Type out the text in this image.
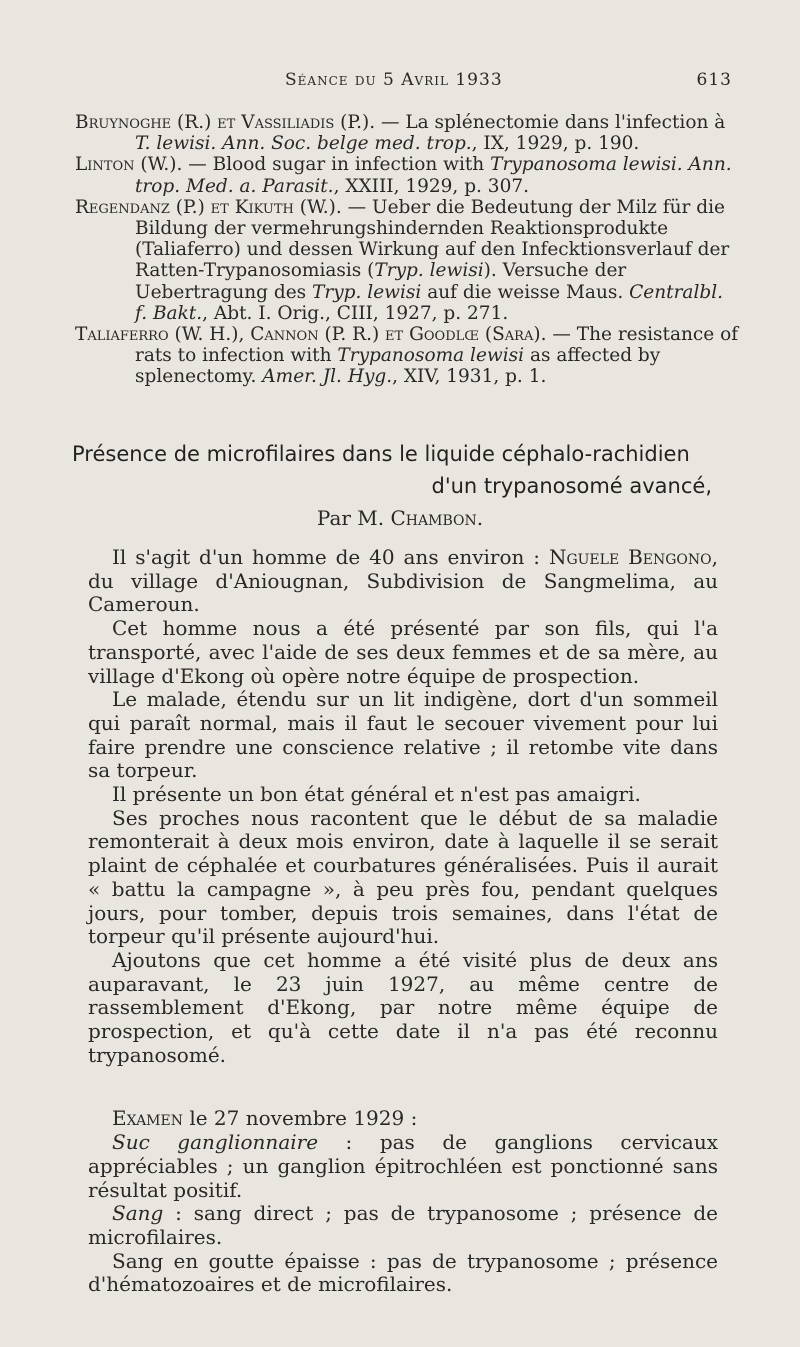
Séance du 5 Avril 1933	613

Bruynoghe (R.) et Vassiliadis (P.). — La splénectomie dans l'infection à T. lewisi. Ann. Soc. belge med. trop., IX, 1929, p. 190.

Linton (W.). — Blood sugar in infection with Trypanosoma lewisi. Ann. trop. Med. a. Parasit., XXIII, 1929, p. 307.

Regendanz (P.) et Kikuth (W.). — Ueber die Bedeutung der Milz für die Bildung der vermehrungshindernden Reaktionsprodukte (Taliaferro) und dessen Wirkung auf den Infecktionsverlauf der Ratten-Trypanosomiasis (Tryp. lewisi). Versuche der Uebertragung des Tryp. lewisi auf die weisse Maus. Centralbl. f. Bakt., Abt. I. Orig., CIII, 1927, p. 271.

Taliaferro (W. H.), Cannon (P. R.) et Goodlœ (Sara). — The resistance of rats to infection with Trypanosoma lewisi as affected by splenectomy. Amer. Jl. Hyg., XIV, 1931, p. 1.

Présence de microfilaires dans le liquide céphalo-rachidien
d'un trypanosomé avancé,
Par M. Chambon.

Il s'agit d'un homme de 40 ans environ : Nguele Bengono, du village d'Aniougnan, Subdivision de Sangmelima, au Cameroun.

Cet homme nous a été présenté par son fils, qui l'a transporté, avec l'aide de ses deux femmes et de sa mère, au village d'Ekong où opère notre équipe de prospection.

Le malade, étendu sur un lit indigène, dort d'un sommeil qui paraît normal, mais il faut le secouer vivement pour lui faire prendre une conscience relative ; il retombe vite dans sa torpeur.

Il présente un bon état général et n'est pas amaigri.

Ses proches nous racontent que le début de sa maladie remonterait à deux mois environ, date à laquelle il se serait plaint de céphalée et courbatures généralisées. Puis il aurait « battu la campagne », à peu près fou, pendant quelques jours, pour tomber, depuis trois semaines, dans l'état de torpeur qu'il présente aujourd'hui.

Ajoutons que cet homme a été visité plus de deux ans auparavant, le 23 juin 1927, au même centre de rassemblement d'Ekong, par notre même équipe de prospection, et qu'à cette date il n'a pas été reconnu trypanosomé.

Examen le 27 novembre 1929 :

Suc ganglionnaire : pas de ganglions cervicaux appréciables ; un ganglion épitrochléen est ponctionné sans résultat positif.

Sang : sang direct ; pas de trypanosome ; présence de microfilaires.

Sang en goutte épaisse : pas de trypanosome ; présence d'hématozoaires et de microfilaires.
